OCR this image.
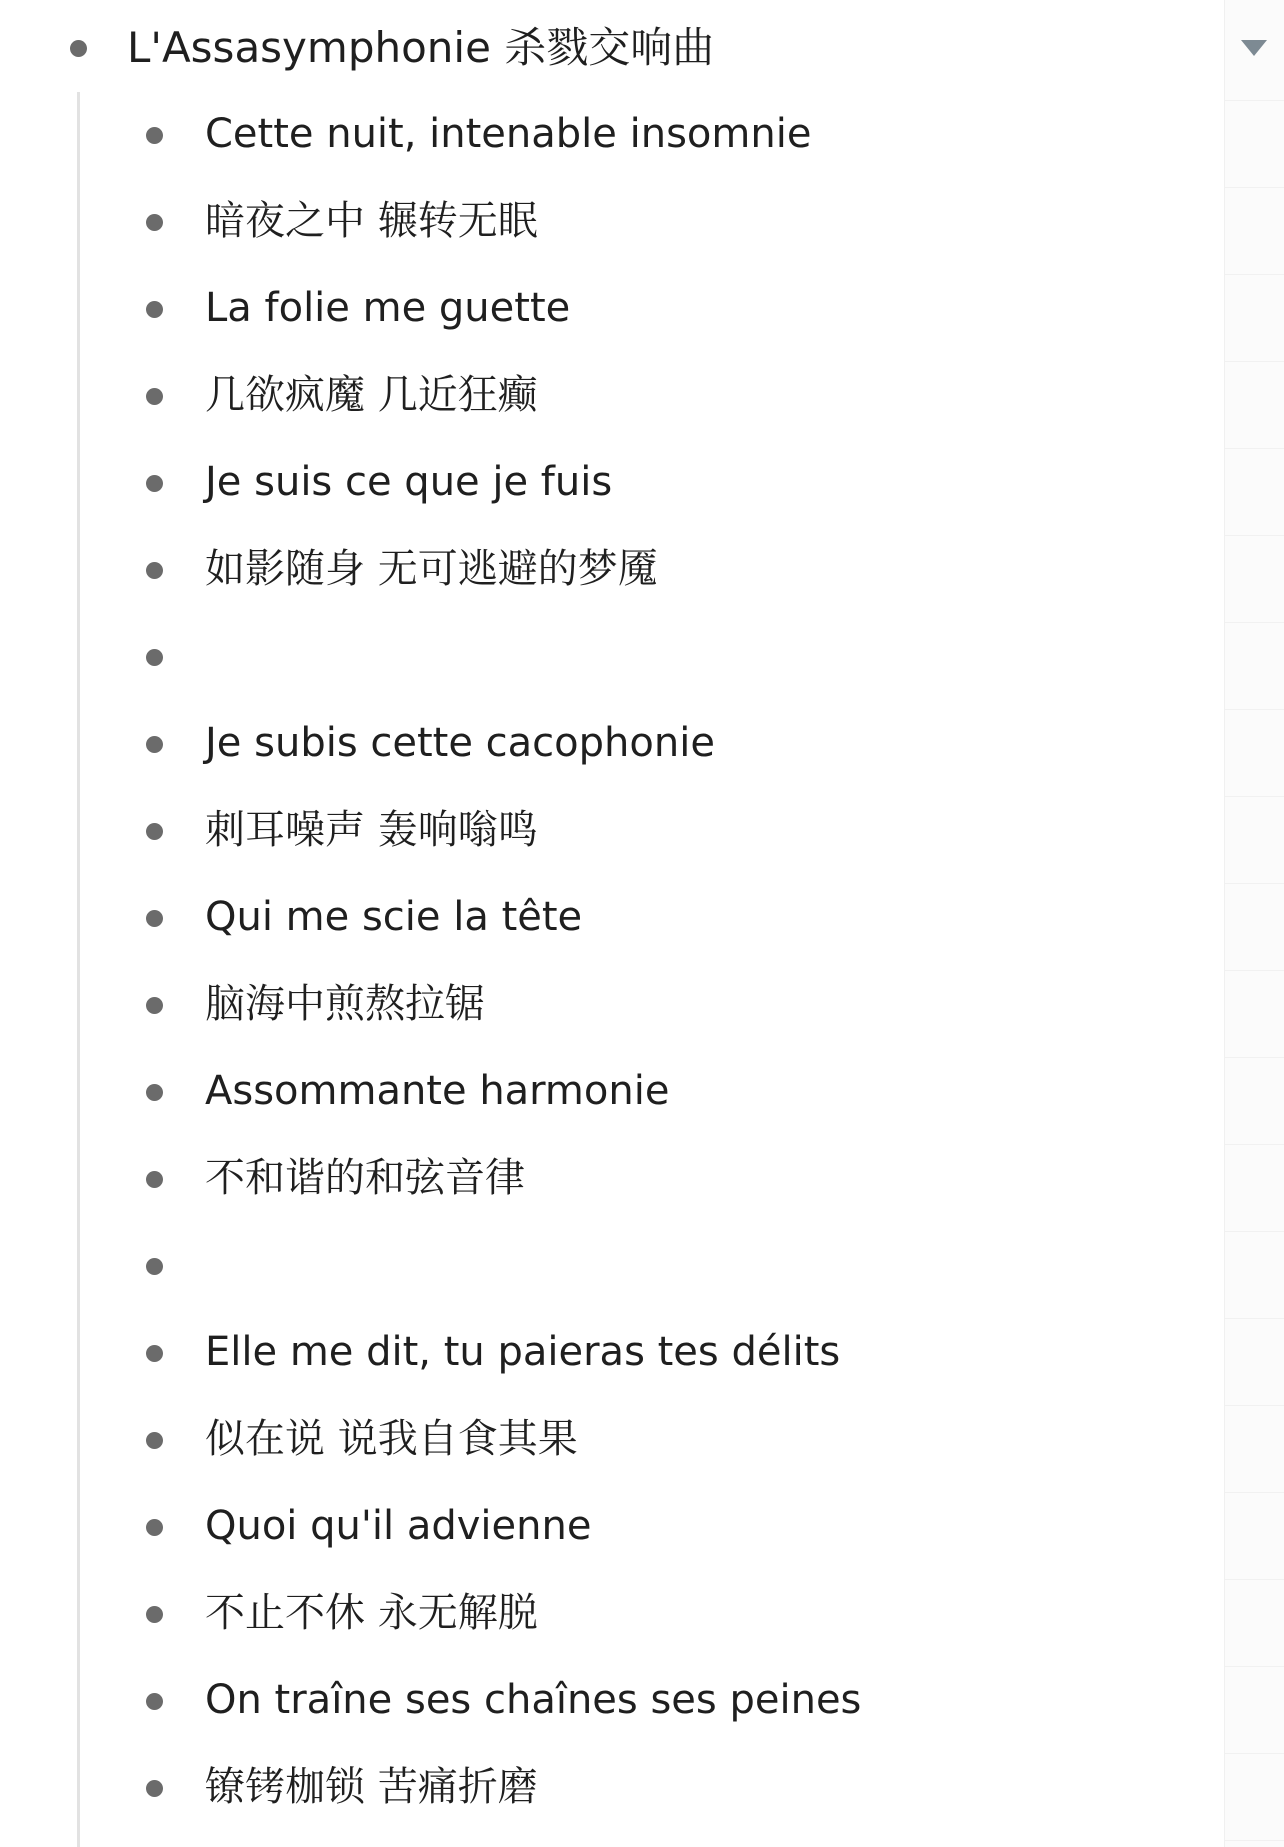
L'Assasymphonie 杀戮交响曲
Cette nuit, intenable insomnie
暗夜之中 辗转无眠
La folie me guette
几欲疯魔 几近狂癫
Je suis ce que je fuis
如影随身 无可逃避的梦魇
Je subis cette cacophonie
刺耳噪声 轰响嗡鸣
Qui me scie la tête
脑海中煎熬拉锯
Assommante harmonie
不和谐的和弦音律
Elle me dit, tu paieras tes délits
似在说 说我自食其果
Quoi qu'il advienne
不止不休 永无解脱
On traîne ses chaînes ses peines
镣铐枷锁 苦痛折磨
